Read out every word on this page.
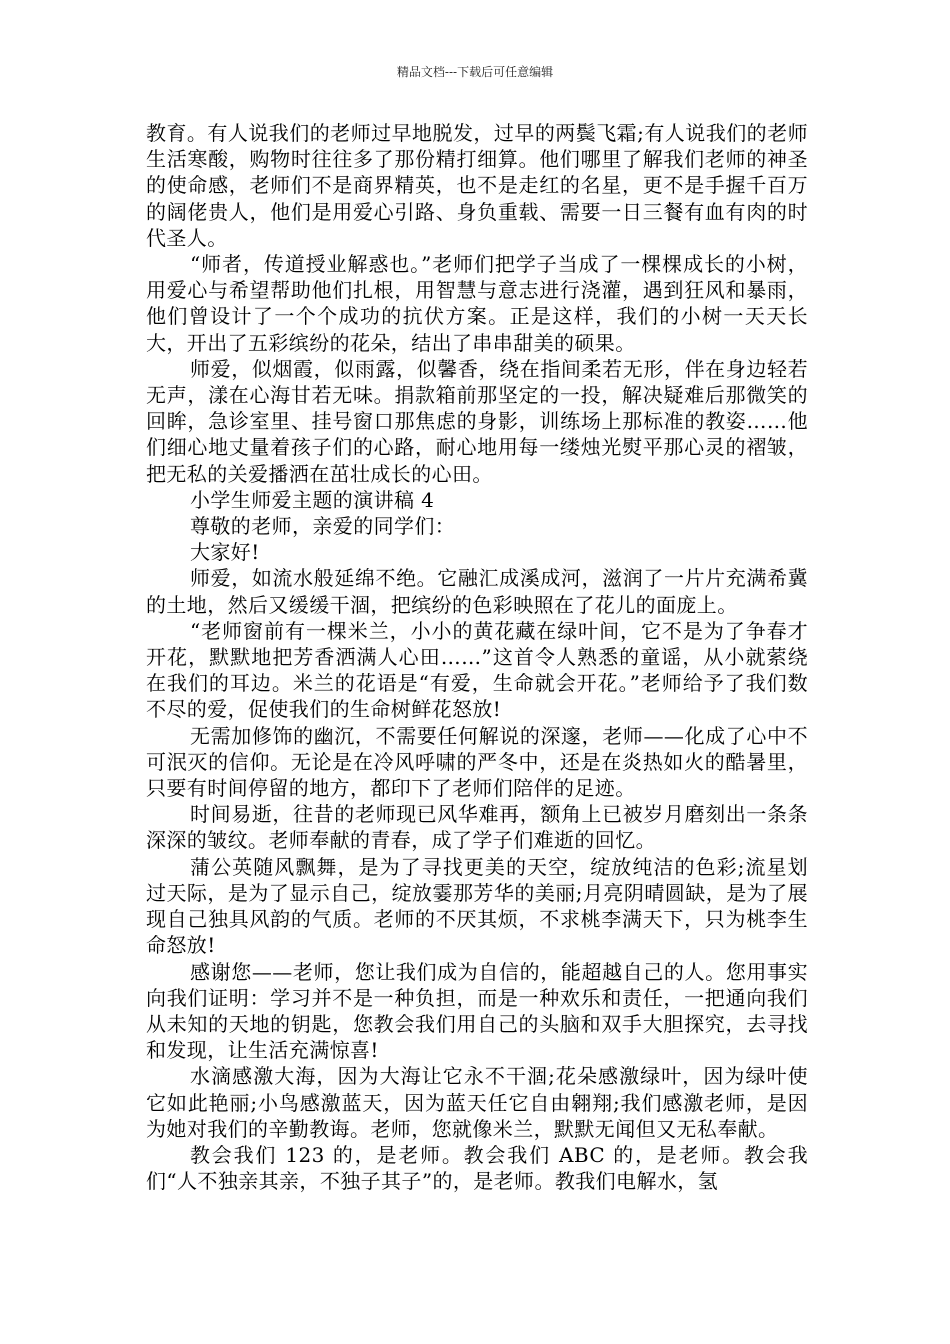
精品文档---下载后可任意编辑

教育。有人说我们的老师过早地脱发，过早的两鬓飞霜;有人说我们的老师生活寒酸，购物时往往多了那份精打细算。他们哪里了解我们老师的神圣的使命感，老师们不是商界精英，也不是走红的名星，更不是手握千百万的阔佬贵人，他们是用爱心引路、身负重载、需要一日三餐有血有肉的时代圣人。

“师者，传道授业解惑也。”老师们把学子当成了一棵棵成长的小树，用爱心与希望帮助他们扎根，用智慧与意志进行浇灌，遇到狂风和暴雨，他们曾设计了一个个成功的抗伏方案。正是这样，我们的小树一天天长大，开出了五彩缤纷的花朵，结出了串串甜美的硕果。

师爱，似烟霞，似雨露，似馨香，绕在指间柔若无形，伴在身边轻若无声，漾在心海甘若无味。捐款箱前那坚定的一投，解决疑难后那微笑的回眸，急诊室里、挂号窗口那焦虑的身影，训练场上那标准的教姿……他们细心地丈量着孩子们的心路，耐心地用每一缕烛光熨平那心灵的褶皱，把无私的关爱播洒在茁壮成长的心田。

小学生师爱主题的演讲稿 4

尊敬的老师，亲爱的同学们：

大家好!

师爱，如流水般延绵不绝。它融汇成溪成河，滋润了一片片充满希冀的土地，然后又缓缓干涸，把缤纷的色彩映照在了花儿的面庞上。

“老师窗前有一棵米兰，小小的黄花藏在绿叶间，它不是为了争春才开花，默默地把芳香洒满人心田……”这首令人熟悉的童谣，从小就萦绕在我们的耳边。米兰的花语是“有爱，生命就会开花。”老师给予了我们数不尽的爱，促使我们的生命树鲜花怒放!

无需加修饰的幽沉，不需要任何解说的深邃，老师——化成了心中不可泯灭的信仰。无论是在冷风呼啸的严冬中，还是在炎热如火的酷暑里，只要有时间停留的地方，都印下了老师们陪伴的足迹。

时间易逝，往昔的老师现已风华难再，额角上已被岁月磨刻出一条条深深的皱纹。老师奉献的青春，成了学子们难逝的回忆。

蒲公英随风飘舞，是为了寻找更美的天空，绽放纯洁的色彩;流星划过天际，是为了显示自己，绽放霎那芳华的美丽;月亮阴晴圆缺，是为了展现自己独具风韵的气质。老师的不厌其烦，不求桃李满天下，只为桃李生命怒放!

感谢您——老师，您让我们成为自信的，能超越自己的人。您用事实向我们证明：学习并不是一种负担，而是一种欢乐和责任，一把通向我们从未知的天地的钥匙，您教会我们用自己的头脑和双手大胆探究，去寻找和发现，让生活充满惊喜!

水滴感激大海，因为大海让它永不干涸;花朵感激绿叶，因为绿叶使它如此艳丽;小鸟感激蓝天，因为蓝天任它自由翱翔;我们感激老师，是因为她对我们的辛勤教诲。老师，您就像米兰，默默无闻但又无私奉献。

教会我们 123 的，是老师。教会我们 ABC 的，是老师。教会我们“人不独亲其亲，不独子其子”的，是老师。教我们电解水，氢
